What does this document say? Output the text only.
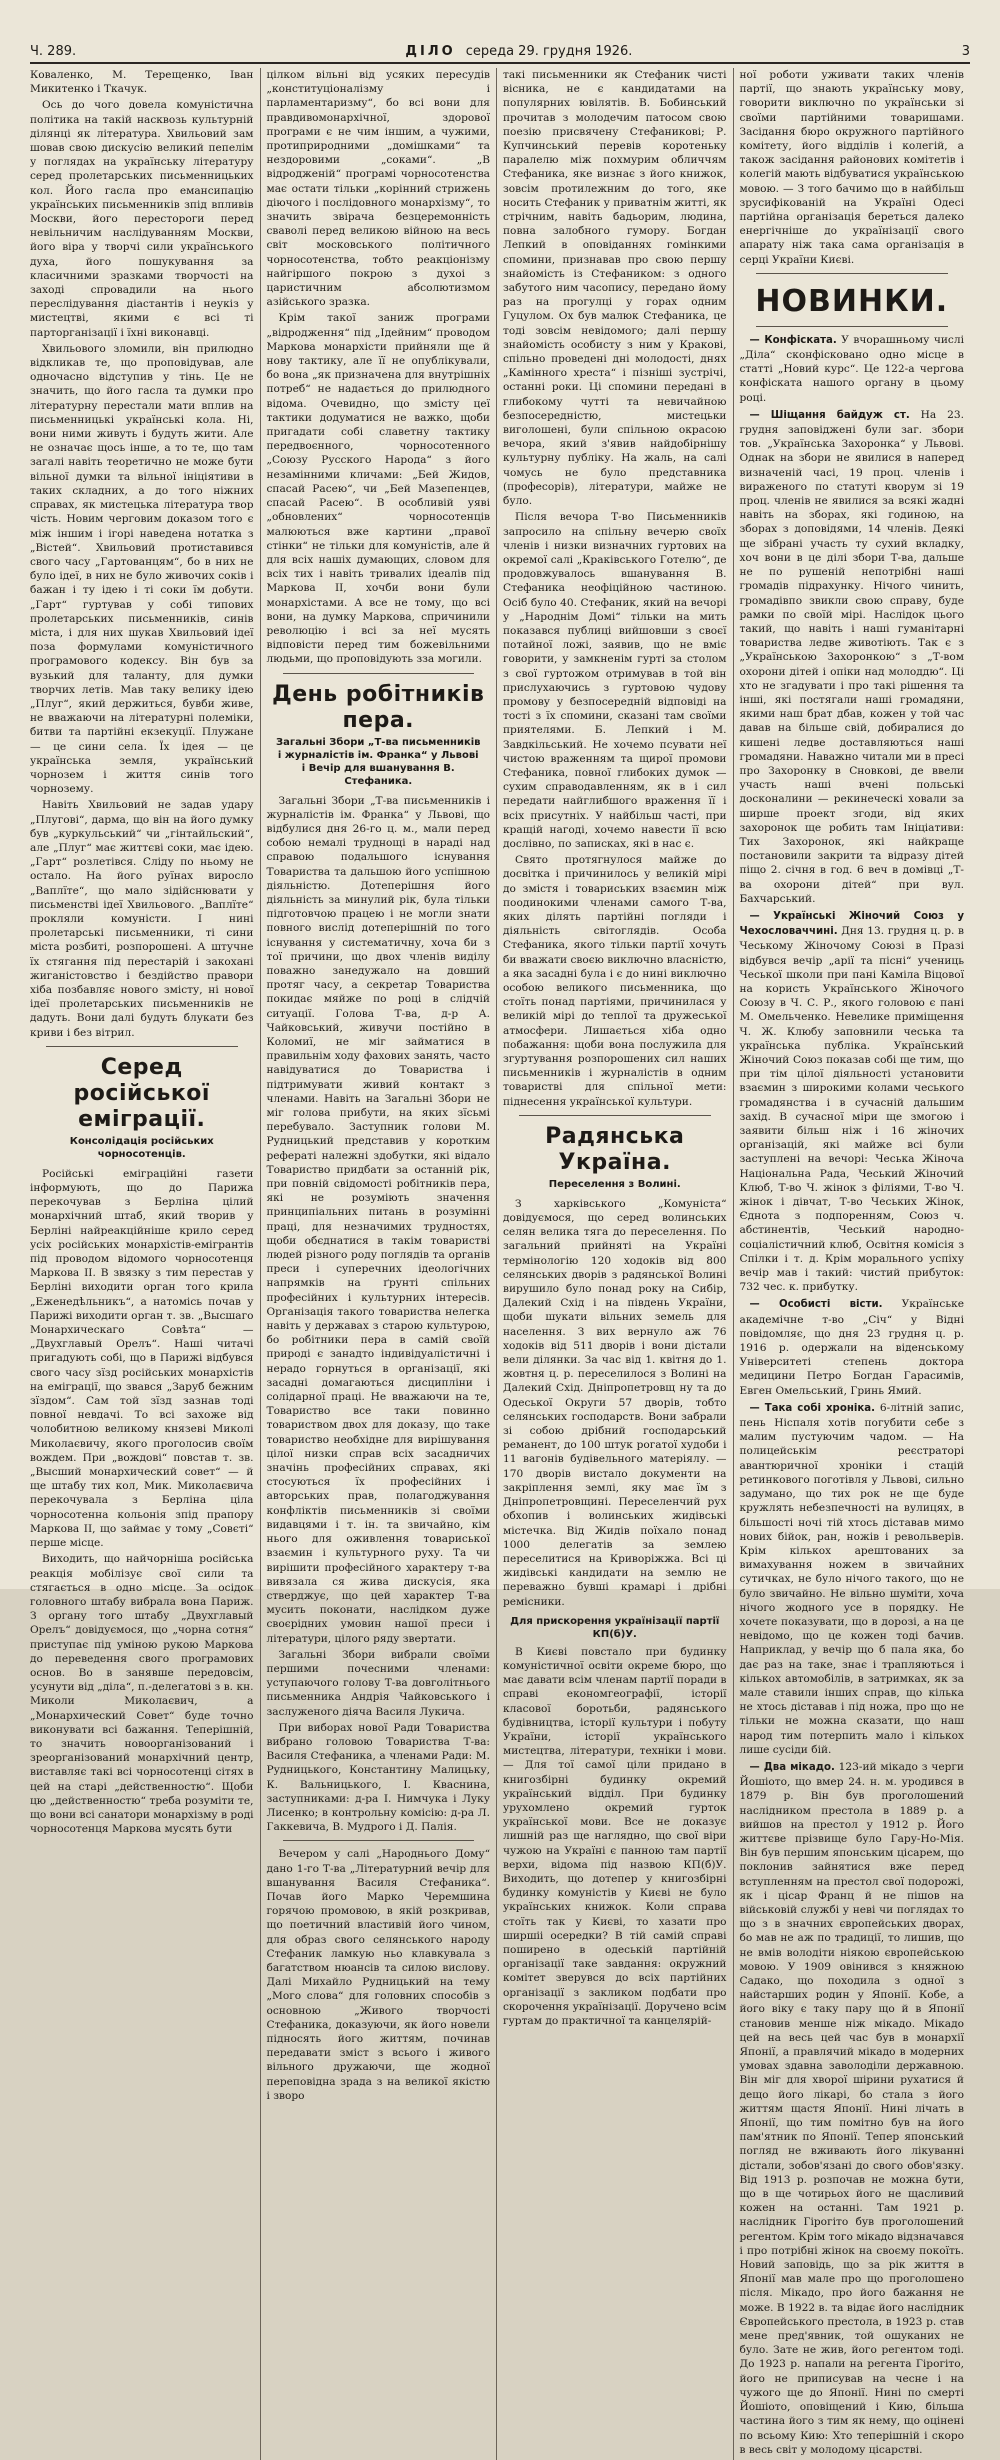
Ч. 289.	ДІЛО середа 29. грудня 1926.	3

Коваленко, М. Терещенко, Іван Микитенко і Ткачук.

Ось до чого довела комуністична політика на такій насквозь культурній ділянці як література. Хвильовий зам шовав свою дискусію великий пепелім у поглядах на українську літературу серед пролетарських письменницьких кол. Його гасла про емансипацію українських письменників зпід впливів Москви, його перестороги перед невільничим наслідуванням Москви, його віра у творчі сили українського духа, його пошукування за класичними зразками творчості на заході спровадили на нього переслідування діастантів і неукіз у мистецтві, якими є всі ті парторганізації і їхні виконавці.

Хвильового зломили, він прилюдно відкликав те, що проповідував, але одночасно відступив у тінь. Це не значить, що його гасла та думки про літературну перестали мати вплив на письменницькі українські кола. Ні, вони ними живуть і будуть жити. Але не означає щось інше, а то те, що там загалі навіть теоретично не може бути вільної думки та вільної ініціятиви в таких складних, а до того ніжних справах, як мистецька література твор чість. Новим черговим доказом того є між іншим і ігорі наведена нотатка з „Вістей“. Хвильовий протиставився свого часу „Гартованцям“, бо в них не було ідеї, в них не було живочих соків і бажан і ту ідею і ті соки їм добути. „Гарт“ гуртував у собі типових пролетарських письменників, синів міста, і для них шукав Хвильовий ідеї поза формулами комуністичного програмового кодексу. Він був за вузький для таланту, для думки творчих летів. Мав таку велику ідею „Плуг“, який держиться, бувби живе, не вважаючи на літературні полеміки, битви та партійні екзекуції. Плужане — це сини села. Їх ідея — це українська земля, український чорнозем і життя синів того чорнозему.

Навіть Хвильовий не задав удару „Плугові“, дарма, що він на його думку був „куркульський“ чи „гінтайльский“, але „Плуг“ має життєві соки, має ідею. „Гарт“ розлетівся. Сліду по ньому не остало. На його руїнах виросло „Ваплїте“, що мало зідійснювати у письменстві ідеї Хвильового. „Ваплїте“ прокляли комуністи. І нині пролетарські письменники, ті сини міста розбиті, розпорошені. А штучне їх стягання під перестарій і закохані жиганістовство і бездійство правори хіба позбавляє нового змісту, ні нової ідеї пролетарських письменників не дадуть. Вони далі будуть блукати без криви і без вітрил.

Серед російської еміграції.
Консолідація російських чорносотенців.

Російські еміграційні газети інформують, що до Парижа перекочував з Берліна цілий монархічний штаб, який творив у Берліні найреакційніше крило серед усіх російських монархістів-емігрантів під проводом відомого чорносотенця Маркова II. В звязку з тим перестав у Берліні виходити орган того крила „Еженедѣльникъ“, а натомісь почав у Парижі виходити орган т. зв. „Высшаго Монархическаго Совѣта“ — „Двухглавый Орелъ“. Нашi читачі пригадують собі, що в Парижі відбувся свого часу зїзд російських монархістів на еміграції, що звався „Заруб бежним зїздом“. Сам той зїзд зазнав тоді повної невдачі. То всі захоже від чолобитною великому князеві Миколі Миколаєвичу, якого проголосив своїм вождем. При „вождові“ повстав т. зв. „Высший монархический совет“ — й ще штабу тих кол, Мик. Миколаєвича перекочувала з Берліна ціла чорносотенна кольонія зпід прапору Маркова II, що займає у тому „Совєті“ перше місце.

Виходить, що найчорніша російська реакція мобілізує свої сили та стягається в одно місце. За осідок головного штабу вибрала вона Париж. З органу того штабу „Двухглавый Орелъ“ довідуємося, що „чорна сотня“ приступає під уміною рукою Маркова до переведення свого програмових основ. Во в занявше передовсім, усунути від „діла“, п.-делегатові з в. кн. Миколи Миколаєвич, а „Монархический Совет“ буде точно виконувати всі бажання. Теперішній, то значить новоорганізований і зреорганізований монархічний центр, виставляє такі всі чорносотенці сітях в цей на старі „действенностю“. Щоби цю „действенностю“ треба розуміти те, що вони всі санатори монархізму в роді чорносотенця Маркова мусять бути

цілком вільні від усяких пересудів „конституціоналізму і парламентаризму“, бо всі вони для правдивомонархічної, здорової програми є не чим іншим, а чужими, протиприродними „домішками“ та нездоровими „соками“. „В відродженій“ програмі чорносотенства має остати тільки „корінний стрижень діючого і послідовного монархізму“, то значить звірача безцеремонність сваволі перед великою війною на весь світ московського політичного чорносотенства, тобто реакціонізму найгіршого покрою з духоі з царистичним абсолютизмом азійського зразка.

Крім такої заниж програми „відродження“ під „Ідейним“ проводом Маркова монархісти прийняли ще й нову тактику, але її не опублікували, бо вона „як призначена для внутрішніх потреб“ не надається до прилюдного відома. Очевидно, що змісту цеї тактики додуматися не важко, щоби пригадати собі славетну тактику передвоєнного, чорносотенного „Союзу Русского Народа“ з його незамінними кличами: „Бей Жидов, спасай Расею“, чи „Бей Мазепенцев, спасай Расею“. В особливій уяві „обновлених“ чорносотенців малюються вже картини „правої стінки“ не тільки для комуністів, але й для всіх нашіх думающих, словом для всіх тих і навіть тривалих ідеалів під Маркова II, хочби вони були монархістами. А все не тому, що всі вони, на думку Маркова, спричинили революцію і всі за неї мусять відповісти перед тим божевільними людьми, що проповідують зза могили.

День робітників пера.
Загальні Збори „Т-ва письменників і журналістів ім. Франка“ у Львові і Вечір для вшанування В. Стефаника.

Загальні Збори „Т-ва письменників і журналістів ім. Франка“ у Львові, що відбулися дня 26-го ц. м., мали перед собою немалі труднощі в нараді над справою подальшого існування Товариства та дальшою його успішною діяльністю. Дотеперішня його діяльність за минулий рік, була тільки підготовчою працею і не могли знати повного вислід дотеперішній по того існування у систематичну, хоча би з тої причини, що двох членів виділу поважно занедужало на довший протяг часу, а секретар Товариства покидає мяйже по році в слідчій ситуації. Голова Т-ва, д-р А. Чайковський, живучи постійно в Коломиї, не міг займатися в правильнім ходу фахових занять, часто навідуватися до Товариства і підтримувати живий контакт з членами. Навіть на Загальні Збори не міг голова прибути, на яких зїсьмі перебувало. Заступник голови М. Рудницький представив у коротким рефераті належні здобутки, які відало Товариство придбати за останній рік, при повній свідомості робітників пера, які не розуміють значення принципіальних питань в розумінні праці, для незначимих трудностях, щоби обєднатися в такім товаристві людей різного роду поглядів та органів преси і суперечних ідеологічних напрямків на ґрунті спільних професійних і культурних інтересів. Організація такого товариства нелегка навіть у державах з старою культурою, бо робітники пера в самій своїй природі є занадто індивідуалістичні і нерадо горнуться в організації, які засадні домагаються дисципліни і солідарної праці. Не вважаючи на те, Товариство все таки повинно товариством двох для доказу, що таке товариство необхідне для вирішування цілої низки справ всіх засадничих значінь професійних справах, які стосуються їх професійних і авторських прав, полагоджування конфліктів письменників зі своїми видавцями і т. ін. та звичайно, кім нього для оживлення товариської взаємин і культурного руху. Та чи вирішити професійного характеру т-ва вивязала ся жива дискусія, яка стверджує, що цей характер Т-ва мусить поконати, наслідком дуже своєрідних умовин нашої преси і літератури, цілого ряду звертати.

Загальні Збори вибрали своїми першими почесними членами: уступаючого голову Т-ва довголітнього письменника Андрія Чайковського і заслуженого діяча Василя Лукича.

При виборах нової Ради Товариства вибрано головою Товариства Т-ва: Василя Стефаника, а членами Ради: М. Рудницького, Константину Малицьку, К. Вальницького, І. Кваснина, заступниками: д-ра І. Нимчука і Луку Лисенко; в контрольну комісію: д-ра Л. Гаккевича, В. Мудрого і Д. Палія.

Вечером у салі „Народнього Дому“ дано 1-го Т-ва „Літературний вечір для вшанування Василя Стефаника“. Почав його Марко Черемшина горячою промовою, в якій розкривав, що поетичний властивій його чином, для образ свого селянського народу Стефаник ламкую ньо клавкувала з багатством нюансів та силою вислову. Далі Михайло Рудницький на тему „Мого слова“ для головних способів з основною „Живого творчості Стефаника, доказуючи, як його новели підносять його життям, починав передавати зміст з всього і живого вільного дружаючи, ще жодної переповідна зрада з на великої якістю і зворо

такі письменники як Стефаник чисті вісника, не є кандидатами на популярних ювілятів. В. Бобинський прочитав з молодечим патосом свою поезію присвячену Стефаникові; Р. Купчинський перевів коротеньку паралелю між похмурим обличчям Стефаника, яке визнає з його книжок, зовсім протилежним до того, яке носить Стефаник у приватнім житті, як стрічним, навіть бадьорим, людина, повна залобного гумору. Богдан Лепкий в оповіданнях гомінкими спомини, признавав про свою першу знайомість із Стефаником: з одного забутого ним часопису, передано йому раз на прогулці у горах одним Гуцулом. Ох був малюк Стефаника, це тоді зовсім невідомого; далі першу знайомість особисту з ним у Кракові, спільно проведені дні молодості, днях „Камінного хреста“ і пізніші зустрічі, останні роки. Ці спомини передані в глибокому чутті та невичайною безпосередністю, мистецьки виголошені, були спільною окрасою вечора, який з'явив найдобірнішу культурну публіку. На жаль, на салі чомусь не було представника (професорів), літератури, майже не було.

Після вечора Т-во Письменників запросило на спільну вечерю своїх членів і низки визначних гуртових на окремої салі „Краківського Готелю“, де продовжувалось вшанування В. Стефаника неофіційною частиною. Осіб було 40. Стефаник, який на вечорі у „Народнім Домі“ тільки на мить показався публиці вийшовши з своєї потайної ложі, заявив, що не вміє говорити, у замкненім гурті за столом з свої гуртожом отримував в той він прислухаючись з гуртовою чудову промову у безпосередній відповіді на тості з їх спомини, сказані там своїми приятелями. Б. Лепкий і М. Завдкільський. Не хочемо псувати неї чистою враженням та щирої промови Стефаника, повної глибоких думок — сухим справодавленням, як в і сил передати найглибшого враження її і всіх присутніх. У найбільш часті, при кращій нагоді, хочемо навести її всю дослівно, по записках, які в нас є.

Свято протягнулося майже до досвітка і причинилось у великій мірі до змістя і товариських взаємин між поодинокими членами самого Т-ва, яких ділять партійні погляди і діяльність світоглядів. Особа Стефаника, якого тільки партії хочуть би вважати своєю виключно власністю, а яка засадні була і є до нині виключно особою великого письменника, що стоїть понад партіями, причинилася у великій мірі до теплої та дружеської атмосфери. Лишається хіба одно побажання: щоби вона послужила для згуртування розпорошених сил наших письменників і журналістів в одним товаристві для спільної мети: піднесення української культури.

Радянська Україна.
Переселення з Волині.

З харківського „Комуніста“ довідуємося, що серед волинських селян велика тяга до переселення. По загальний прийняті на Україні термінологію 120 ходоків від 800 селянських дворів з радянської Волині вирушило було понад року на Сибір, Далекий Схід і на південь України, щоби шукати вільних земель для населення. З вих вернуло аж 76 ходоків від 511 дворів і вони дістали вели ділянки. За час від 1. квітня до 1. жовтня ц. р. переселилося з Волині на Далекий Схід. Дніпропетровщ ну та до Одеської Округи 57 дворів, тобто селянських господарств. Вони забрали зі собою дрібний господарський реманент, до 100 штук рогатої худоби і 11 вагонів будівельного матеріялу. — 170 дворів вистало документи на закріплення землі, яку має їм з Дніпропетровщині. Переселенчий рух обхопив і волинських жидівські містечка. Від Жидів поїхало понад 1000 делегатів за землею переселитися на Криворіжжа. Всі ці жидівські кандидати на землю не переважно бувші крамарі і дрібні ремісники.

Для прискорення українізації партії КП(б)У.

В Києві повстало при будинку комуністичної освіти окреме бюро, що має давати всім членам партії поради в справі економгеографії, історії класової боротьби, радянського будівництва, історії культури і побуту України, історії українського мистецтва, літератури, техніки і мови. — Для тої самої ціли придано в книгозбірні будинку окремий український відділ. При будинку урухомлено окремий гурток української мови. Все не доказує лишній раз ще наглядно, що свої віри чужою на Україні є панною там партії верхи, відома під назвою КП(б)У. Виходить, що дотепер у книгозбірні будинку комуністів у Києві не було українських книжок. Коли справа стоїть так у Києві, то хазати про ширшіі осередки? В тій самій справі поширено в одеській партійній організації таке завдання: окружний комітет зверувся до всіх партійних організації з закликом подбати про скорочення українізації. Доручено всім гуртам до практичної та канцелярій-

ної роботи уживати таких членів партії, що знають українську мову, говорити виключно по українськи зі своїми партійними товаришами. Засідання бюро окружного партійного комітету, його відділів і колегій, а також засідання районових комітетів і колегій мають відбуватися українською мовою. — З того бачимо що в найбільш зрусифікованій на Україні Одесі партійна організація береться далеко енергічніше до українізації свого апарату ніж така сама організація в серці України Києві.

НОВИНКИ.

— Конфіската. У вчорашньому числі „Діла“ сконфісковано одно місце в статті „Новий курс“. Це 122-а чергова конфіската нашого органу в цьому році.

— Шіщання байдуж ст. На 23. грудня заповіджені були заг. збори тов. „Українська Захоронка“ у Львові. Однак на збори не явилися в наперед визначеній часі, 19 проц. членів і вираженого по статуті кворум зі 19 проц. членів не явилися за всякі жадні навіть на зборах, які годиною, на зборах з доповідями, 14 членів. Деякі ще зібрані участь ту сухий вкладку, хоч вони в це ділі збори Т-ва, дальше не по рушеній непотрібні наші громадів підрахунку. Нічого чинить, громадівпо звикли свою справу, буде рамки по своїй мірі. Наслідок цього такий, що навіть і наші гуманітарні товариства ледве животіють. Так є з „Українською Захоронкою“ з „Т-вом охорони дітей і опіки над молоддю“. Ці хто не згадувати і про такі рішення та інші, які постягали наші громадяни, якими наш брат дбав, кожен у той час давав на більше свій, добиралися до кишені ледве доставляються наші громадяни. Наважно читали ми в пресі про Захоронку в Сновкові, де ввели участь наші вчені польські досконалини — рекинеческі ховали за ширше проект згоди, від яких захоронок ще робить там Ініціативи: Тих Захоронок, які найкраще постановили закрити та відразу дітей піщо 2. січня в год. 6 веч в домівці „Т-ва охорони дітей“ при вул. Бахчарський.

— Українські Жіночий Союз у Чехословаччині. Дня 13. грудня ц. р. в Чеському Жіночому Союзі в Празі відбувся вечір „арії та пісні“ учениць Чеської школи при пані Каміла Віцової на користь Українського Жіночого Союзу в Ч. С. Р., якого головою є пані М. Омельченко. Невелике приміщення Ч. Ж. Клюбу заповнили чеська та українська публіка. Український Жіночий Союз показав собі ще тим, що при тім цілої діяльності установити взаємин з широкими колами чеського громадянства і в сучасній дальшим захід. В сучасної міри ще змогою і заявити більш ніж і 16 жіночих організацій, які майже всі були заступлені на вечорі: Чеська Жіноча Національна Рада, Чеський Жіночий Клюб, Т-во Ч. жінок з філіями, Т-во Ч. жінок і дівчат, Т-во Чеських Жінок, Єднота з подпоренням, Союз ч. абстинентів, Чеський народно-соціалістичний клюб, Освітня комісія з Спілки і т. д. Крім морального успіху вечір мав і такий: чистий прибуток: 732 чес. к. прибутку.

— Особисті вісти. Українське академічне т-во „Січ“ у Відні повідомляє, що дня 23 грудня ц. р. 1916 р. одержали на віденському Університеті степень доктора медицини Петро Богдан Гарасимів, Евген Омельський, Гринь Ямий.

— Така собі хроніка. 6-літній запис, пень Ніспаля хотів погубити себе з малим пустуючим чадом. — На полицейськім реєстраторі авантюричної хроніки і стацій ретинкового поготівля у Львові, сильно задумано, що тих рок не ще буде кружлять небезпечності на вулицях, в більшості ночі тій хтось діставав мимо нових бійок, ран, ножів і револьверів. Крім кількох арештованих за вимахування ножем в звичайних сутичках, не було нічого такого, що не було звичайно. Не вільно шуміти, хоча нічого жодного усе в порядку. Не хочете показувати, що в дорозі, а на це невідомо, що це кожен тоді бачив. Наприклад, у вечір що б пала яка, бо дає раз на таке, знає і трапляються і кількох автомобілів, в затримках, як за мале ставили інших справ, що кілька не хтось діставав і під ножа, про що не тільки не можна сказати, що наш народ тим потерпить мало і кількох лише сусіди бій.

— Два мікадо. 123-ий мікадо з черги Йошіото, що вмер 24. н. м. уродився в 1879 р. Він був проголошений наслідником престола в 1889 р. а вийшов на престол у 1912 р. Його життєве прізвище було Гару-Но-Мія. Він був першим японським цісарем, що поклонив зайнятися вже перед вступленням на престол свої подорожі, як і цісар Франц й не пішов на військовій службі у неві чи поглядах то що з в значних європейських дворах, бо мав не аж по традиції, то лишив, що не вмів володіти ніякою європейською мовою. У 1909 овінився з княжною Садако, що походила з одної з найстарших родин у Японії. Кобе, а його віку є таку пару що й в Японії становив менше ніж мікадо. Мікадо цей на весь цей час був в монархії Японії, а правлячий мікадо в модерних умовах здавна заволоділи державною. Він міг для хворої шірини рухатися й дещо його лікарі, бо стала з його життям щастя Японії. Нині лічать в Японії, що тим помітно був на його пам'ятник по Японії. Тепер японський погляд не вживають його лікуванні дістали, зобов'язані до свого обов'язку. Від 1913 р. розпочав не можна бути, що в ще чотирьох його не щасливий кожен на останні. Там 1921 р. наслідник Гірогіто був проголошений регентом. Крім того мікадо відзначався і про потрібні жінок на своєму покоїть. Новий заповідь, що за рік життя в Японії мав мале про що проголошено після. Мікадо, про його бажання не може. В 1922 в. та відає його наслідник Європейського престола, в 1923 р. став мене пред'явник, той ошуканих не було. Зате не жив, його регентом тоді. До 1923 р. напали на регента Гірогіто, його не приписував на чесне і на чужого ще до Японії. Нині по смерті Йошіото, оповіщений і Кию, більша частина його з тим як нему, що оцінені по всьому Кию: Хто теперішній і скоро в весь світ у молодому цісарстві.
